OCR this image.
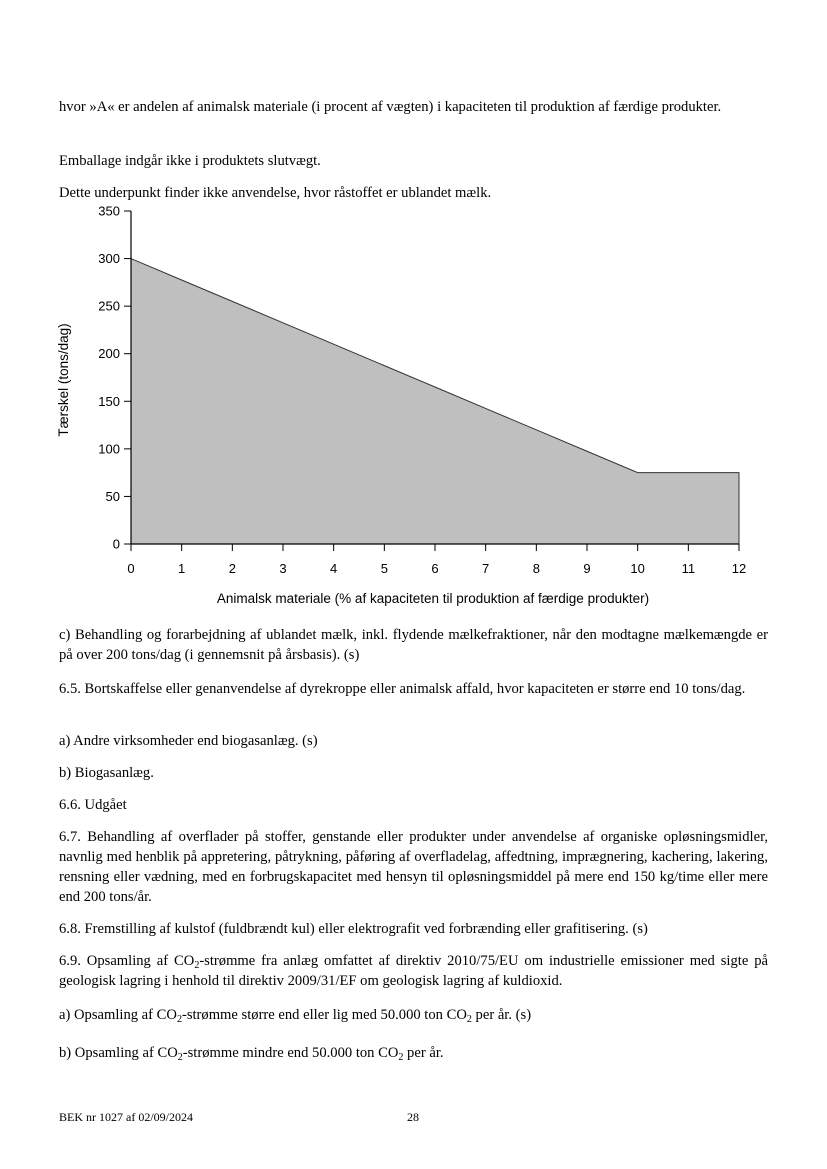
hvor »A« er andelen af animalsk materiale (i procent af vægten) i kapaciteten til produktion af færdige produkter.

Emballage indgår ikke i produktets slutvægt.

Dette underpunkt finder ikke anvendelse, hvor råstoffet er ublandet mælk.

0
50
100
150
200
250
300
350
0	1	2	3	4	5	6	7	8	9	10	11	12
Tærskel (tons/dag)
Animalsk materiale (% af kapaciteten til produktion af færdige produkter)

c) Behandling og forarbejdning af ublandet mælk, inkl. flydende mælkefraktioner, når den modtagne mælkemængde er på over 200 tons/dag (i gennemsnit på årsbasis). (s)

6.5. Bortskaffelse eller genanvendelse af dyrekroppe eller animalsk affald, hvor kapaciteten er større end 10 tons/dag.

a) Andre virksomheder end biogasanlæg. (s)

b) Biogasanlæg.

6.6. Udgået

6.7. Behandling af overflader på stoffer, genstande eller produkter under anvendelse af organiske opløsningsmidler, navnlig med henblik på appretering, påtrykning, påføring af overfladelag, affedtning, imprægnering, kachering, lakering, rensning eller vædning, med en forbrugskapacitet med hensyn til opløsningsmiddel på mere end 150 kg/time eller mere end 200 tons/år.

6.8. Fremstilling af kulstof (fuldbrændt kul) eller elektrografit ved forbrænding eller grafitisering. (s)

6.9. Opsamling af $CO_2$-strømme fra anlæg omfattet af direktiv 2010/75/EU om industrielle emissioner med sigte på geologisk lagring i henhold til direktiv 2009/31/EF om geologisk lagring af kuldioxid.

a) Opsamling af $CO_2$-strømme større end eller lig med 50.000 ton $CO_2$ per år. (s)

b) Opsamling af $CO_2$-strømme mindre end 50.000 ton $CO_2$ per år.

BEK nr 1027 af 02/09/2024	28
